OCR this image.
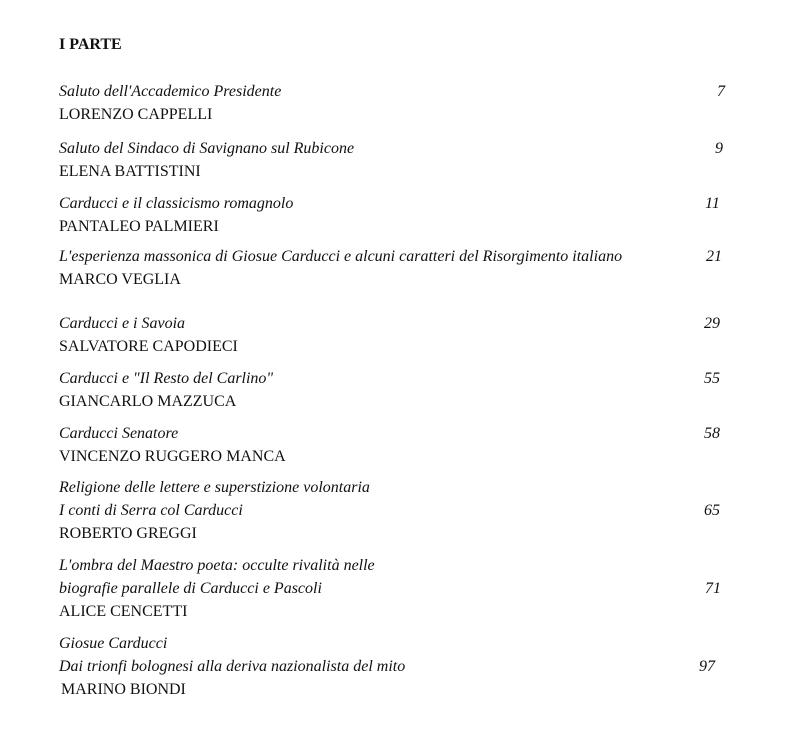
I PARTE
Saluto dell'Accademico Presidente
LORENZO CAPPELLI
7
Saluto del Sindaco di Savignano sul Rubicone
ELENA BATTISTINI
9
Carducci e il classicismo romagnolo
PANTALEO PALMIERI
11
L'esperienza massonica di Giosue Carducci e alcuni caratteri del Risorgimento italiano
MARCO VEGLIA
21
Carducci e i Savoia
SALVATORE CAPODIECI
29
Carducci e "Il Resto del Carlino"
GIANCARLO MAZZUCA
55
Carducci Senatore
VINCENZO RUGGERO MANCA
58
Religione delle lettere e superstizione volontaria
I conti di Serra col Carducci
ROBERTO GREGGI
65
L'ombra del Maestro poeta: occulte rivalità nelle
biografie parallele di Carducci e Pascoli
ALICE CENCETTI
71
Giosue Carducci
Dai trionfi bolognesi alla deriva nazionalista del mito
MARINO BIONDI
97
